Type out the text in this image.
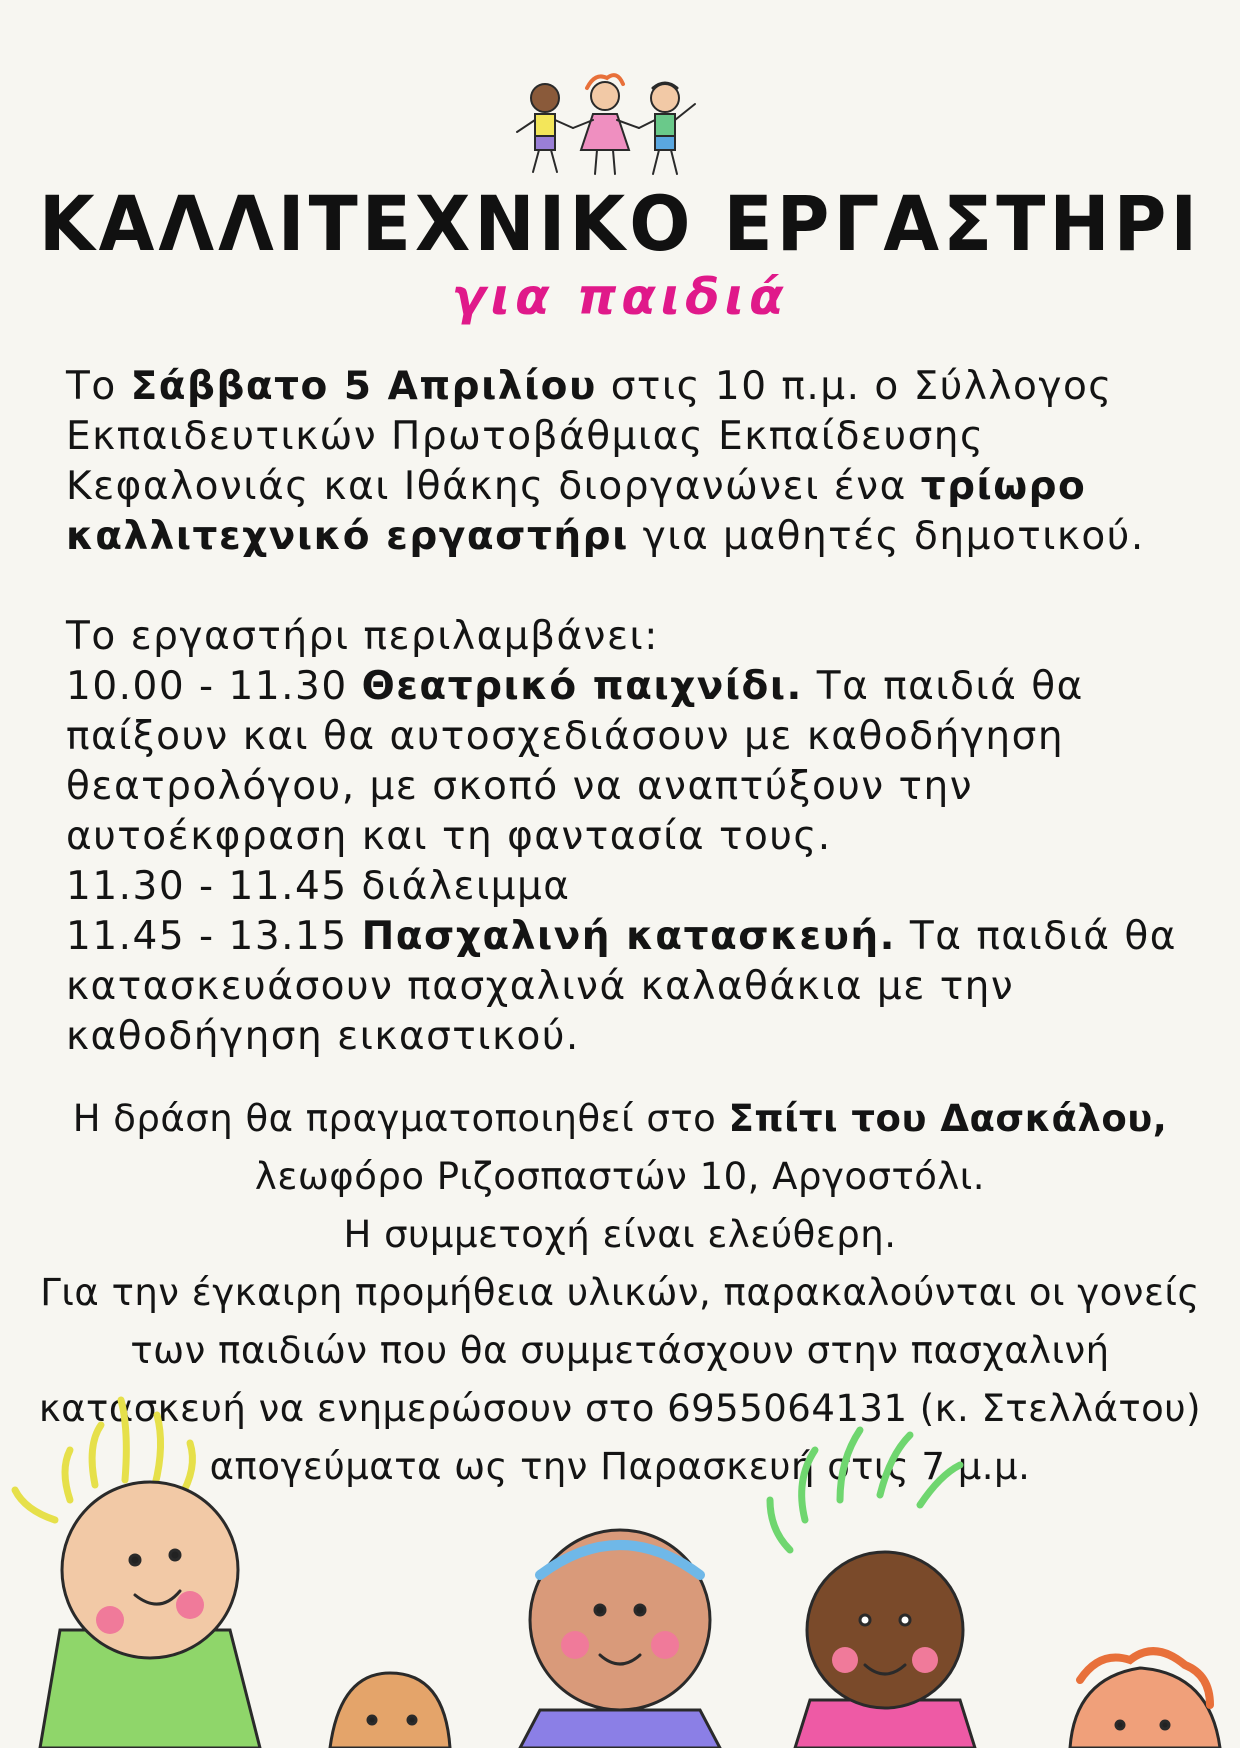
ΚΑΛΛΙΤΕΧΝΙΚΟ ΕΡΓΑΣΤΗΡΙ
για παιδιά

Το Σάββατο 5 Απριλίου στις 10 π.μ. ο Σύλλογος Εκπαιδευτικών Πρωτοβάθμιας Εκπαίδευσης Κεφαλονιάς και Ιθάκης διοργανώνει ένα τρίωρο καλλιτεχνικό εργαστήρι για μαθητές δημοτικού.

Το εργαστήρι περιλαμβάνει:

10.00 - 11.30 Θεατρικό παιχνίδι. Τα παιδιά θα παίξουν και θα αυτοσχεδιάσουν με καθοδήγηση θεατρολόγου, με σκοπό να αναπτύξουν την αυτοέκφραση και τη φαντασία τους.

11.30 - 11.45 διάλειμμα

11.45 - 13.15 Πασχαλινή κατασκευή. Τα παιδιά θα κατασκευάσουν πασχαλινά καλαθάκια με την καθοδήγηση εικαστικού.

Η δράση θα πραγματοποιηθεί στο Σπίτι του Δασκάλου,

λεωφόρο Ριζοσπαστών 10, Αργοστόλι.

Η συμμετοχή είναι ελεύθερη.

Για την έγκαιρη προμήθεια υλικών, παρακαλούνται οι γονείς των παιδιών που θα συμμετάσχουν στην πασχαλινή κατασκευή να ενημερώσουν στο 6955064131 (κ. Στελλάτου) απογεύματα ως την Παρασκευή στις 7 μ.μ.
